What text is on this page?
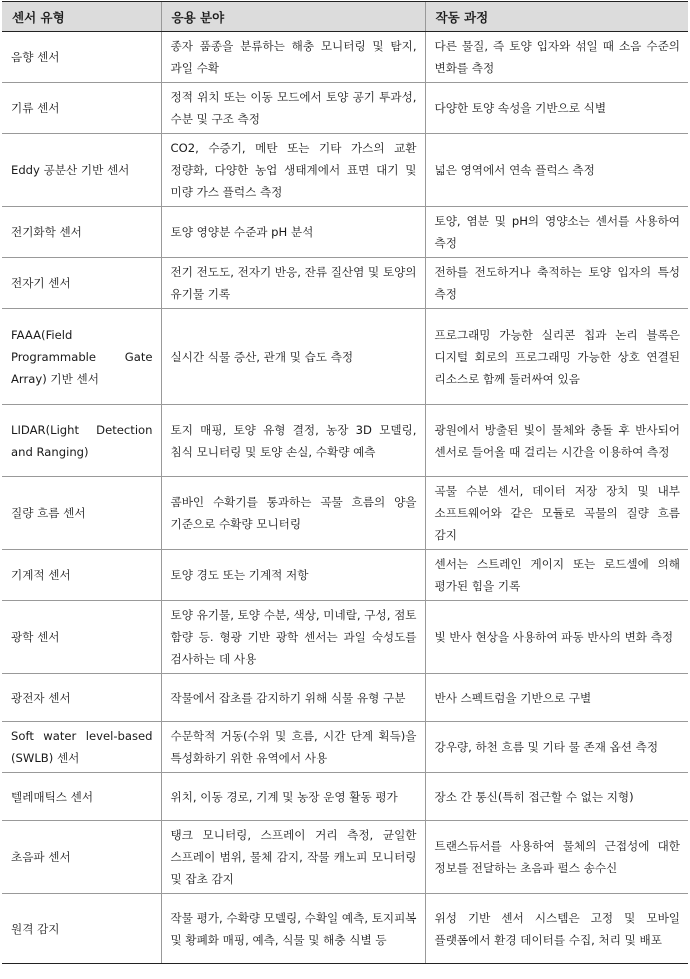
센서 유형	응용 분야	작동 과정
음향 센서	종자 품종을 분류하는 해충 모니터링 및 탐지, 과일 수확	다른 물질, 즉 토양 입자와 섞일 때 소음 수준의 변화를 측정
기류 센서	정적 위치 또는 이동 모드에서 토양 공기 투과성, 수분 및 구조 측정	다양한 토양 속성을 기반으로 식별
Eddy 공분산 기반 센서	CO2, 수증기, 메탄 또는 기타 가스의 교환 정량화, 다양한 농업 생태계에서 표면 대기 및 미량 가스 플럭스 측정	넓은 영역에서 연속 플럭스 측정
전기화학 센서	토양 영양분 수준과 pH 분석	토양, 염분 및 pH의 영양소는 센서를 사용하여 측정
전자기 센서	전기 전도도, 전자기 반응, 잔류 질산염 및 토양의 유기물 기록	전하를 전도하거나 축적하는 토양 입자의 특성 측정
FAAA(Field Programmable Gate Array) 기반 센서	실시간 식물 증산, 관개 및 습도 측정	프로그래밍 가능한 실리콘 칩과 논리 블록은 디지털 회로의 프로그래밍 가능한 상호 연결된 리소스로 함께 둘러싸여 있음
LIDAR(Light Detection and Ranging)	토지 매핑, 토양 유형 결정, 농장 3D 모델링, 침식 모니터링 및 토양 손실, 수확량 예측	광원에서 방출된 빛이 물체와 충돌 후 반사되어 센서로 들어올 때 걸리는 시간을 이용하여 측정
질량 흐름 센서	콤바인 수확기를 통과하는 곡물 흐름의 양을 기준으로 수확량 모니터링	곡물 수분 센서, 데이터 저장 장치 및 내부 소프트웨어와 같은 모듈로 곡물의 질량 흐름 감지
기계적 센서	토양 경도 또는 기계적 저항	센서는 스트레인 게이지 또는 로드셀에 의해 평가된 힘을 기록
광학 센서	토양 유기물, 토양 수분, 색상, 미네랄, 구성, 점토 함량 등. 형광 기반 광학 센서는 과일 숙성도를 검사하는 데 사용	빛 반사 현상을 사용하여 파동 반사의 변화 측정
광전자 센서	작물에서 잡초를 감지하기 위해 식물 유형 구분	반사 스펙트럼을 기반으로 구별
Soft water level-based (SWLB) 센서	수문학적 거동(수위 및 흐름, 시간 단계 획득)을 특성화하기 위한 유역에서 사용	강우량, 하천 흐름 및 기타 물 존재 옵션 측정
텔레매틱스 센서	위치, 이동 경로, 기계 및 농장 운영 활동 평가	장소 간 통신(특히 접근할 수 없는 지형)
초음파 센서	탱크 모니터링, 스프레이 거리 측정, 균일한 스프레이 범위, 물체 감지, 작물 캐노피 모니터링 및 잡초 감지	트랜스듀서를 사용하여 물체의 근접성에 대한 정보를 전달하는 초음파 펄스 송수신
원격 감지	작물 평가, 수확량 모델링, 수확일 예측, 토지피복 및 황폐화 매핑, 예측, 식물 및 해충 식별 등	위성 기반 센서 시스템은 고정 및 모바일 플랫폼에서 환경 데이터를 수집, 처리 및 배포
